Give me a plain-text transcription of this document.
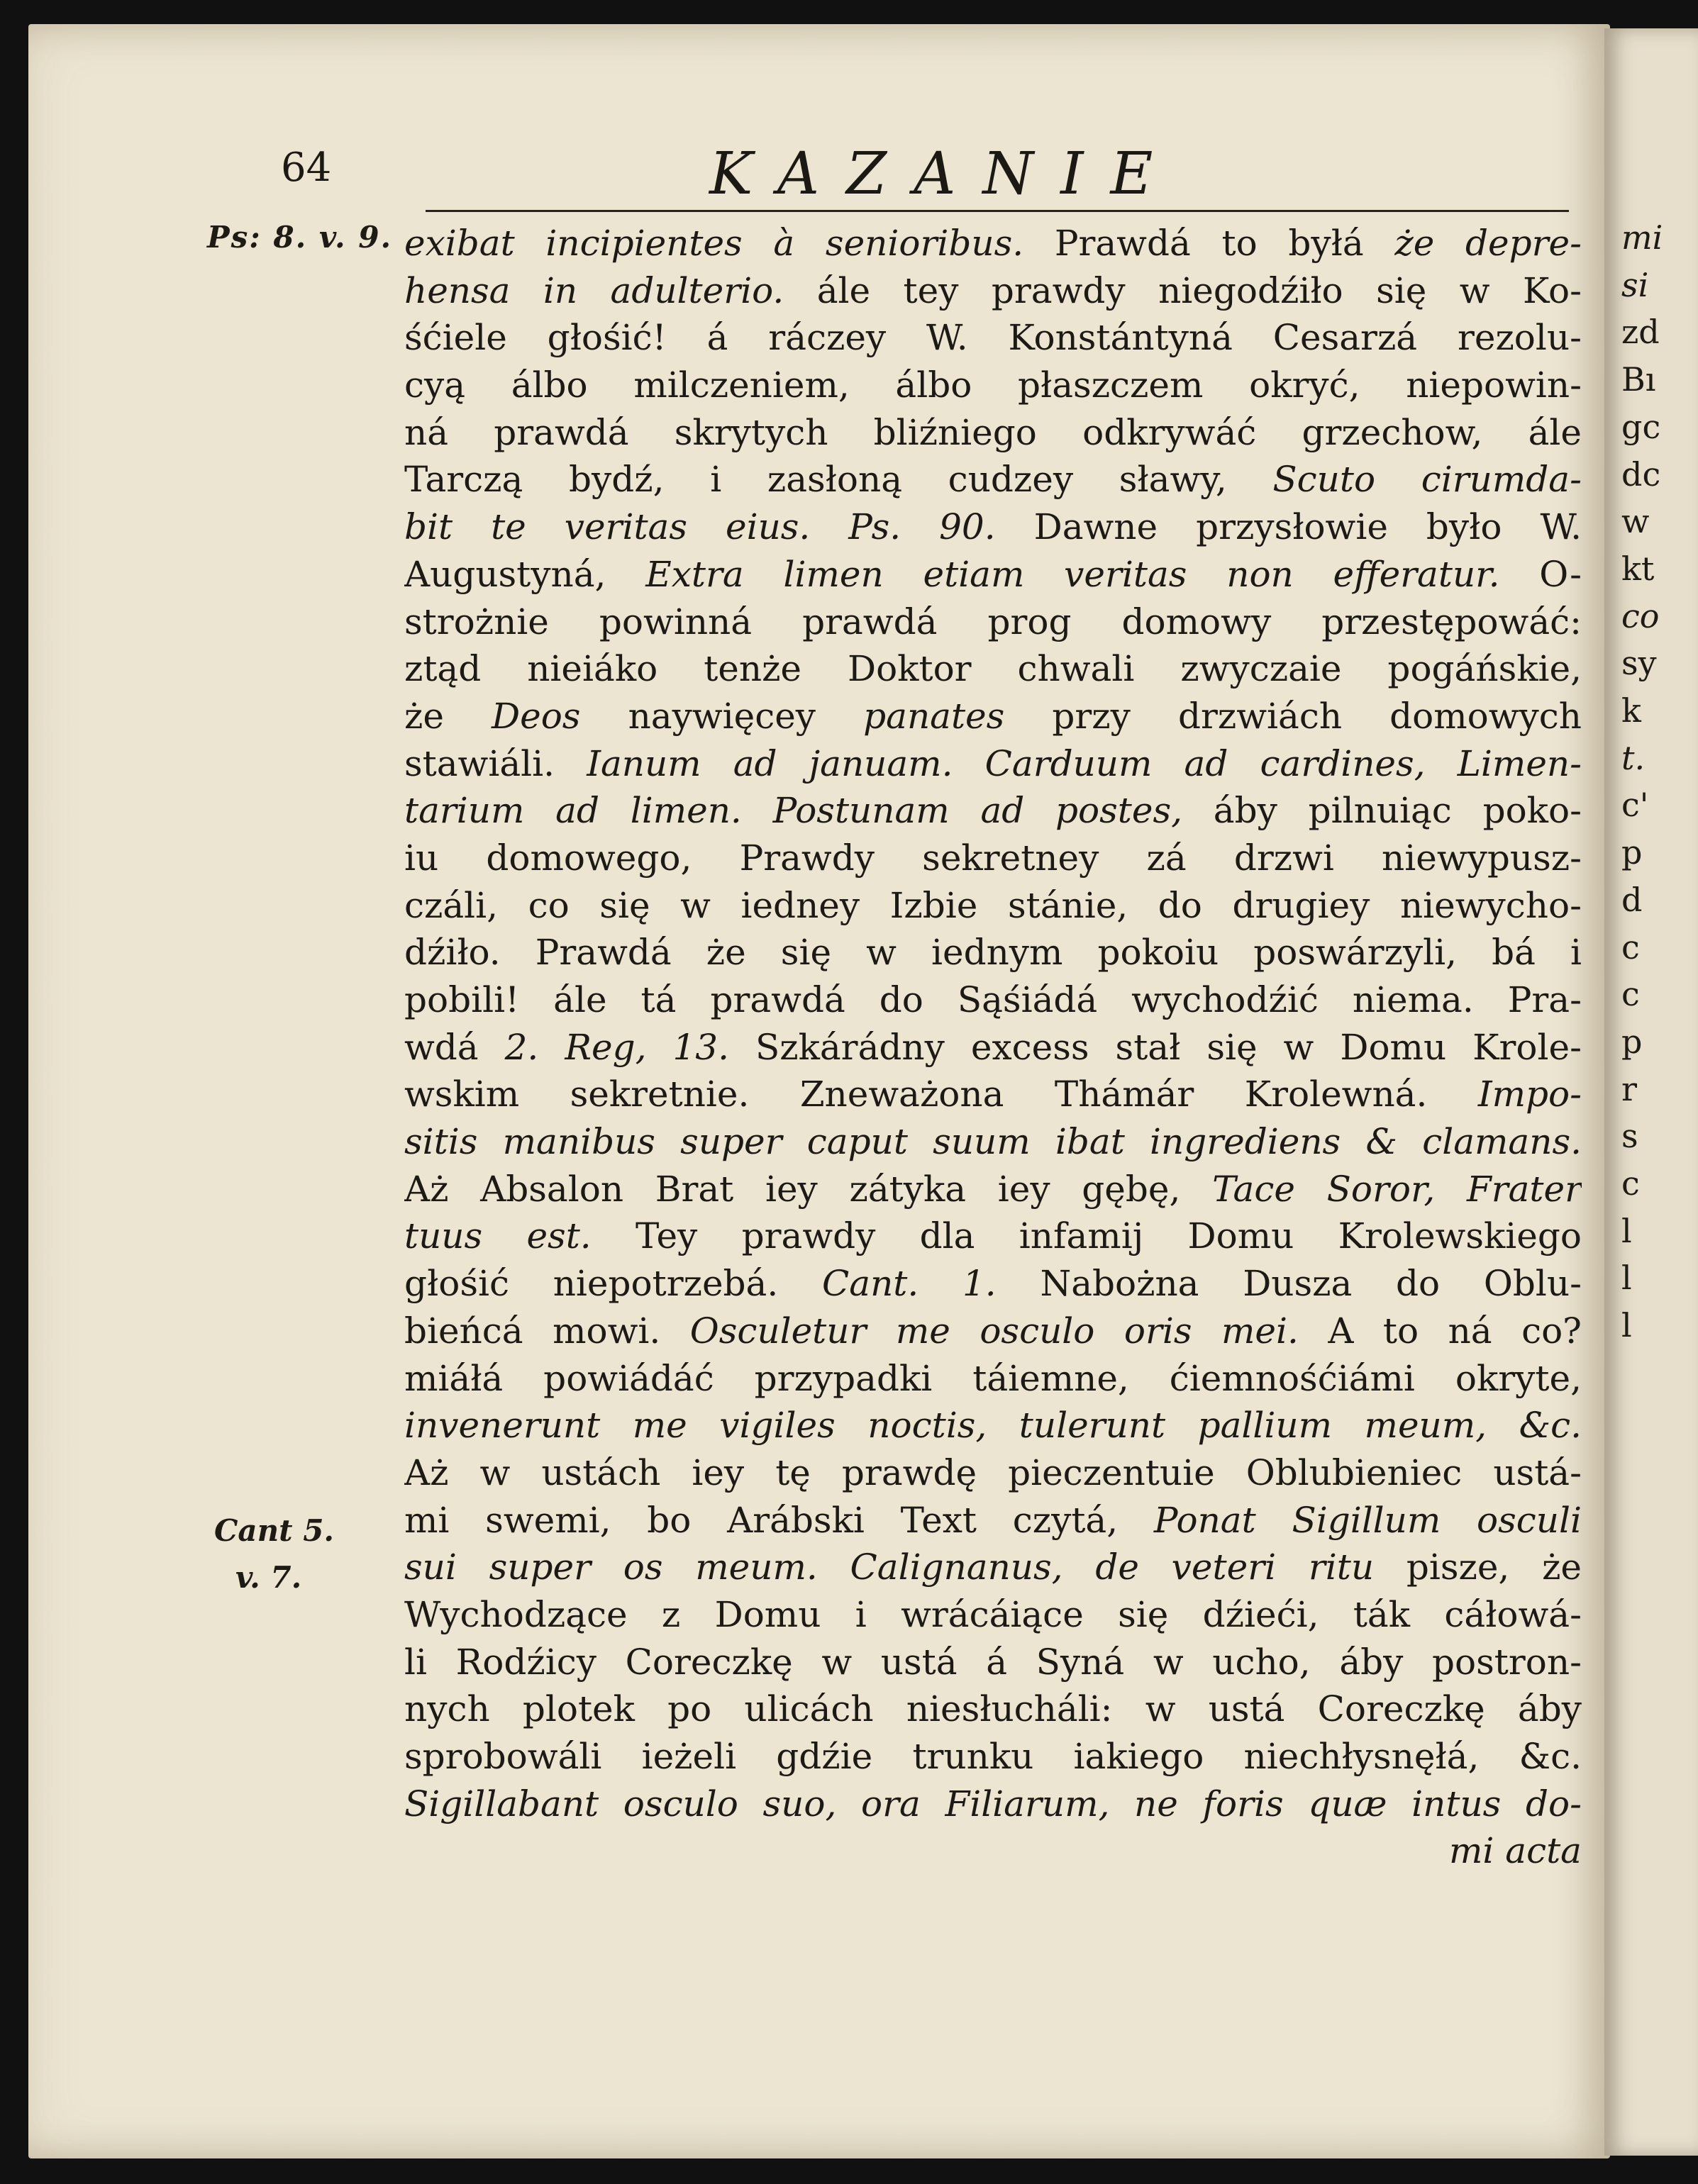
64	KAZANIE
Ps: 8. v. 9.
Cant 5.
v. 7.
exibat incipientes à senioribus. Prawdá to byłá że depre-
hensa in adulterio. ále tey prawdy niegodźiło się w Ko-
śćiele głośić! á ráczey W. Konstántyná Cesarzá rezolu-
cyą álbo milczeniem, álbo płaszczem okryć, niepowin-
ná prawdá skrytych bliźniego odkrywáć grzechow, ále
Tarczą bydź, i zasłoną cudzey sławy, Scuto cirumda-
bit te veritas eius. Ps. 90. Dawne przysłowie było W.
Augustyná, Extra limen etiam veritas non efferatur. O-
strożnie powinná prawdá prog domowy przestępowáć:
ztąd nieiáko tenże Doktor chwali zwyczaie pogáńskie,
że Deos naywięcey panates przy drzwiách domowych
stawiáli. Ianum ad januam. Carduum ad cardines, Limen-
tarium ad limen. Postunam ad postes, áby pilnuiąc poko-
iu domowego, Prawdy sekretney zá drzwi niewypusz-
czáli, co się w iedney Izbie stánie, do drugiey niewycho-
dźiło. Prawdá że się w iednym pokoiu poswárzyli, bá i
pobili! ále tá prawdá do Sąśiádá wychodźić niema. Pra-
wdá 2. Reg, 13. Szkárádny excess stał się w Domu Krole-
wskim sekretnie. Zneważona Thámár Krolewná. Impo-
sitis manibus super caput suum ibat ingrediens & clamans.
Aż Absalon Brat iey zátyka iey gębę, Tace Soror, Frater
tuus est. Tey prawdy dla infamij Domu Krolewskiego
głośić niepotrzebá. Cant. 1. Nabożna Dusza do Oblu-
bieńcá mowi. Osculetur me osculo oris mei. A to ná co?
miáłá powiádáć przypadki táiemne, ćiemnośćiámi okryte,
invenerunt me vigiles noctis, tulerunt pallium meum, &c.
Aż w ustách iey tę prawdę pieczentuie Oblubieniec ustá-
mi swemi, bo Arábski Text czytá, Ponat Sigillum osculi
sui super os meum. Calignanus, de veteri ritu pisze, że
Wychodzące z Domu i wrácáiące się dźieći, ták cáłowá-
li Rodźicy Coreczkę w ustá á Syná w ucho, áby postron-
nych plotek po ulicách niesłucháli: w ustá Coreczkę áby
sprobowáli ieżeli gdźie trunku iakiego niechłysnęłá, &c.
Sigillabant osculo suo, ora Filiarum, ne foris quæ intus do-
mi acta
mi
si
zd
Bı
gc
dc
w
kt
co
sy
k
t.
c'
p
d
c
c
p
r
s
c
l
l
l
